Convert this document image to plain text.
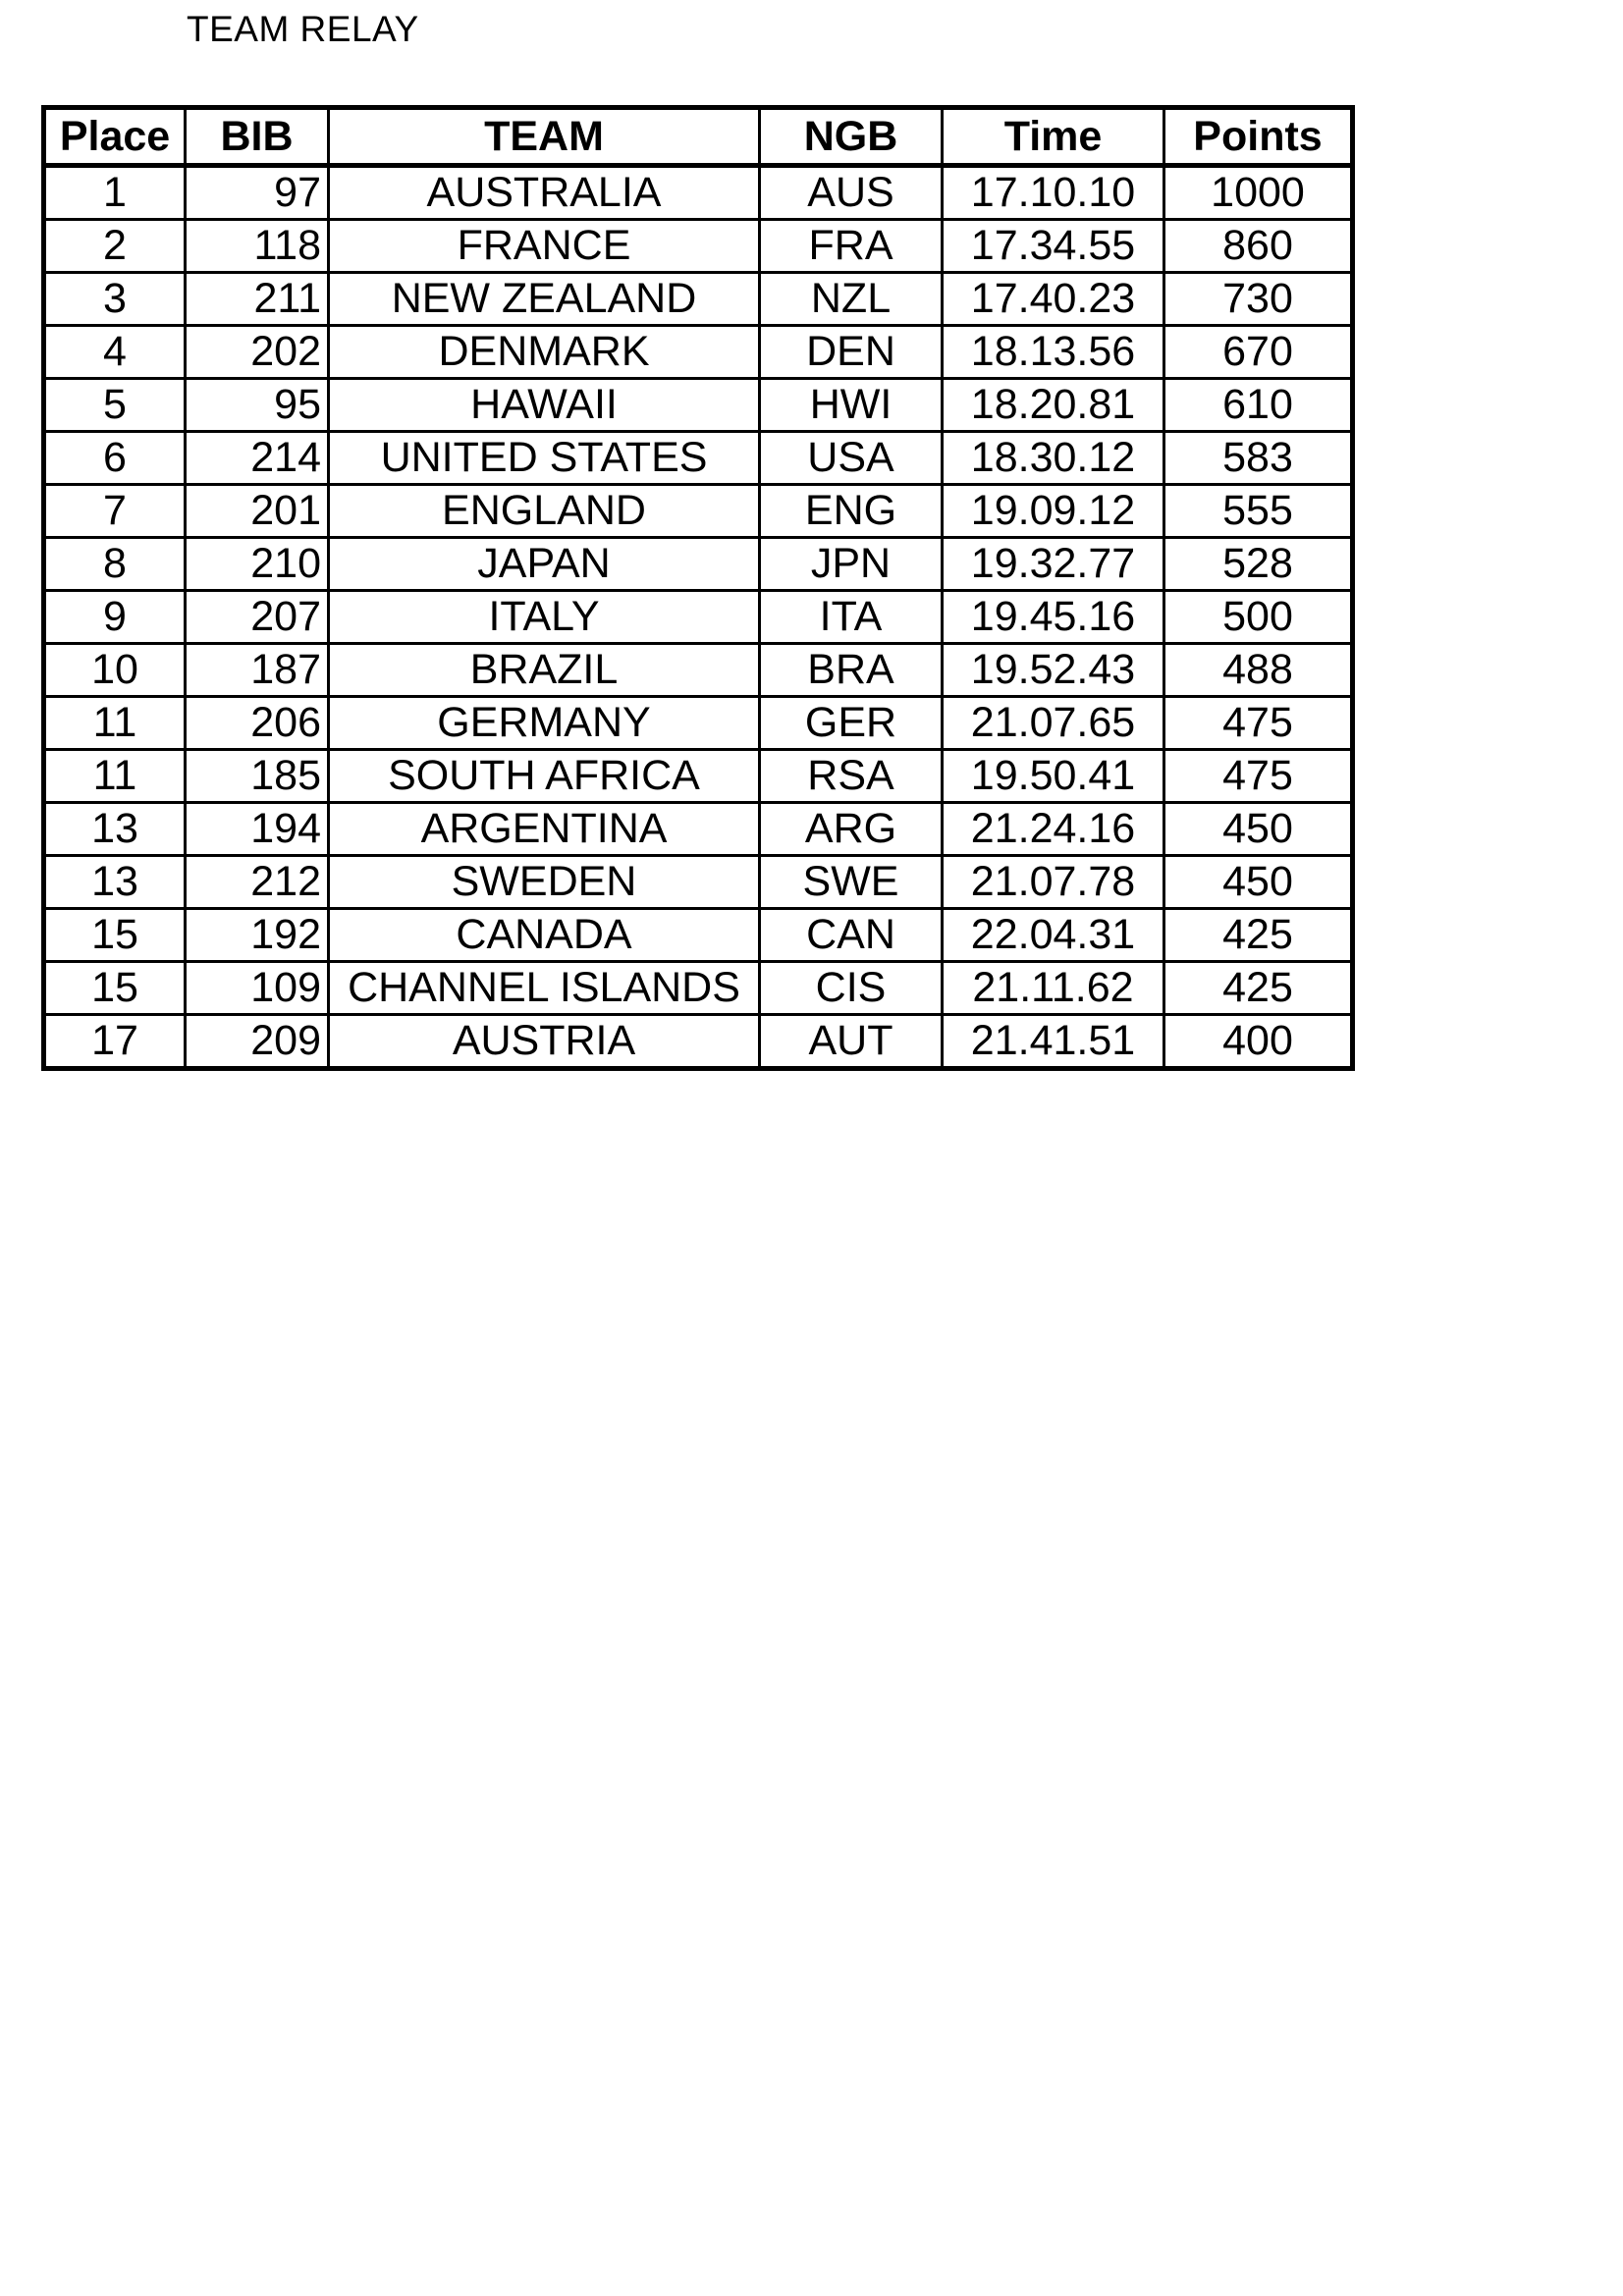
TEAM RELAY
Place	BIB	TEAM	NGB	Time	Points
1	97	AUSTRALIA	AUS	17.10.10	1000
2	118	FRANCE	FRA	17.34.55	860
3	211	NEW ZEALAND	NZL	17.40.23	730
4	202	DENMARK	DEN	18.13.56	670
5	95	HAWAII	HWI	18.20.81	610
6	214	UNITED STATES	USA	18.30.12	583
7	201	ENGLAND	ENG	19.09.12	555
8	210	JAPAN	JPN	19.32.77	528
9	207	ITALY	ITA	19.45.16	500
10	187	BRAZIL	BRA	19.52.43	488
11	206	GERMANY	GER	21.07.65	475
11	185	SOUTH AFRICA	RSA	19.50.41	475
13	194	ARGENTINA	ARG	21.24.16	450
13	212	SWEDEN	SWE	21.07.78	450
15	192	CANADA	CAN	22.04.31	425
15	109	CHANNEL ISLANDS	CIS	21.11.62	425
17	209	AUSTRIA	AUT	21.41.51	400
